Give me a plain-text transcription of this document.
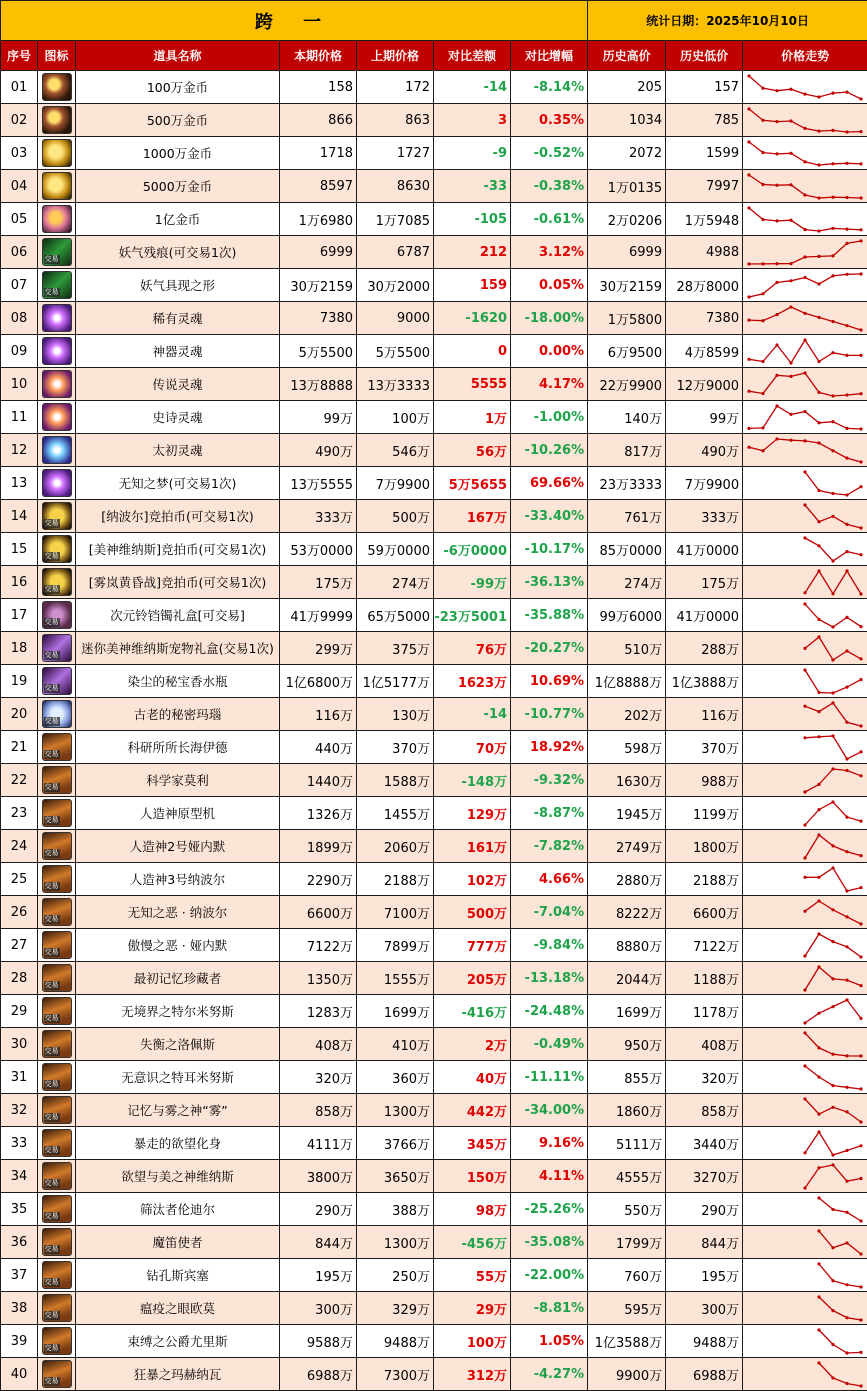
跨 一							统计日期：2025年10月10日		
序号	图标	道具名称	本期价格	上期价格	对比差额	对比增幅	历史高价	历史低价	价格走势
01		100万金币	158	172	-14	-8.14%	205	157	

02		500万金币	866	863	3	0.35%	1034	785	

03		1000万金币	1718	1727	-9	-0.52%	2072	1599	

04		5000万金币	8597	8630	-33	-0.38%	1万0135	7997	

05		1亿金币	1万6980	1万7085	-105	-0.61%	2万0206	1万5948	

06	交易	妖气残痕(可交易1次)	6999	6787	212	3.12%	6999	4988	

07	交易	妖气具现之形	30万2159	30万2000	159	0.05%	30万2159	28万8000	

08		稀有灵魂	7380	9000	-1620	-18.00%	1万5800	7380	

09		神器灵魂	5万5500	5万5500	0	0.00%	6万9500	4万8599	

10		传说灵魂	13万8888	13万3333	5555	4.17%	22万9900	12万9000	

11		史诗灵魂	99万	100万	1万	-1.00%	140万	99万	

12		太初灵魂	490万	546万	56万	-10.26%	817万	490万	

13		无知之梦(可交易1次)	13万5555	7万9900	5万5655	69.66%	23万3333	7万9900	

14	交易	[纳波尔]竞拍币(可交易1次)	333万	500万	167万	-33.40%	761万	333万	

15	交易	[美神维纳斯]竞拍币(可交易1次)	53万0000	59万0000	-6万0000	-10.17%	85万0000	41万0000	

16	交易	[雾岚黄昏战]竞拍币(可交易1次)	175万	274万	-99万	-36.13%	274万	175万	

17	交易	次元铃铛镯礼盒[可交易]	41万9999	65万5000	-23万5001	-35.88%	99万6000	41万0000	

18	交易	迷你美神维纳斯宠物礼盒(交易1次)	299万	375万	76万	-20.27%	510万	288万	

19	交易	染尘的秘宝香水瓶	1亿6800万	1亿5177万	1623万	10.69%	1亿8888万	1亿3888万	

20	交易	古老的秘密玛瑙	116万	130万	-14	-10.77%	202万	116万	

21	交易	科研所所长海伊德	440万	370万	70万	18.92%	598万	370万	

22	交易	科学家莫利	1440万	1588万	-148万	-9.32%	1630万	988万	

23	交易	人造神原型机	1326万	1455万	129万	-8.87%	1945万	1199万	

24	交易	人造神2号娅内默	1899万	2060万	161万	-7.82%	2749万	1800万	

25	交易	人造神3号纳波尔	2290万	2188万	102万	4.66%	2880万	2188万	

26	交易	无知之恶 · 纳波尔	6600万	7100万	500万	-7.04%	8222万	6600万	

27	交易	傲慢之恶 · 娅内默	7122万	7899万	777万	-9.84%	8880万	7122万	

28	交易	最初记忆珍藏者	1350万	1555万	205万	-13.18%	2044万	1188万	

29	交易	无境界之特尔米努斯	1283万	1699万	-416万	-24.48%	1699万	1178万	

30	交易	失衡之洛佩斯	408万	410万	2万	-0.49%	950万	408万	

31	交易	无意识之特耳米努斯	320万	360万	40万	-11.11%	855万	320万	

32	交易	记忆与雾之神“雾”	858万	1300万	442万	-34.00%	1860万	858万	

33	交易	暴走的欲望化身	4111万	3766万	345万	9.16%	5111万	3440万	

34	交易	欲望与美之神维纳斯	3800万	3650万	150万	4.11%	4555万	3270万	

35	交易	筛汰者伦迪尔	290万	388万	98万	-25.26%	550万	290万	

36	交易	魔笛使者	844万	1300万	-456万	-35.08%	1799万	844万	

37	交易	钻孔斯宾塞	195万	250万	55万	-22.00%	760万	195万	

38	交易	瘟疫之眼欧莫	300万	329万	29万	-8.81%	595万	300万	

39	交易	束缚之公爵尤里斯	9588万	9488万	100万	1.05%	1亿3588万	9488万	

40	交易	狂暴之玛赫纳瓦	6988万	7300万	312万	-4.27%	9900万	6988万	
